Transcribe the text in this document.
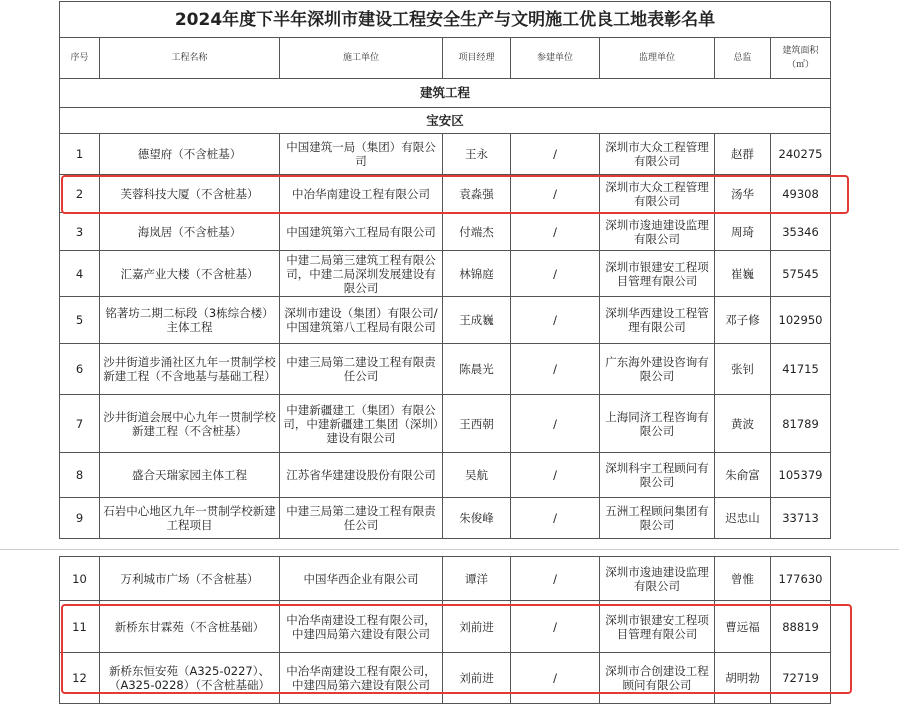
2024年度下半年深圳市建设工程安全生产与文明施工优良工地表彰名单							
序号	工程名称	施工单位	项目经理	参建单位	监理单位	总监	建筑面积（㎡）
建筑工程							
宝安区							
1	德望府（不含桩基）	中国建筑一局（集团）有限公司	王永	/	深圳市大众工程管理有限公司	赵群	240275
2	芙蓉科技大厦（不含桩基）	中冶华南建设工程有限公司	袁淼强	/	深圳市大众工程管理有限公司	汤华	49308
3	海岚居（不含桩基）	中国建筑第六工程局有限公司	付端杰	/	深圳市逡迪建设监理有限公司	周琦	35346
4	汇嘉产业大楼（不含桩基）	中建二局第三建筑工程有限公司，中建二局深圳发展建设有限公司	林锦庭	/	深圳市银建安工程项目管理有限公司	崔巍	57545
5	铭著坊二期二标段（3栋综合楼）主体工程	深圳市建设（集团）有限公司/中国建筑第八工程局有限公司	王成巍	/	深圳华西建设工程管理有限公司	邓子修	102950
6	沙井街道步涌社区九年一贯制学校新建工程（不含地基与基础工程）	中建三局第二建设工程有限责任公司	陈晨光	/	广东海外建设咨询有限公司	张钊	41715
7	沙井街道会展中心九年一贯制学校新建工程（不含桩基）	中建新疆建工（集团）有限公司，中建新疆建工集团（深圳）建设有限公司	王西朝	/	上海同济工程咨询有限公司	黄波	81789
8	盛合天瑞家园主体工程	江苏省华建建设股份有限公司	吴航	/	深圳科宇工程顾问有限公司	朱俞富	105379
9	石岩中心地区九年一贯制学校新建工程项目	中建三局第二建设工程有限责任公司	朱俊峰	/	五洲工程顾问集团有限公司	迟忠山	33713
10	万利城市广场（不含桩基）	中国华西企业有限公司	谭洋	/	深圳市逡迪建设监理有限公司	曾惟	177630
11	新桥东甘霖苑（不含桩基础）	中冶华南建设工程有限公司，中建四局第六建设有限公司	刘前进	/	深圳市银建安工程项目管理有限公司	曹远福	88819
12	新桥东恒安苑（A325-0227）、（A325-0228）（不含桩基础）	中冶华南建设工程有限公司，中建四局第六建设有限公司	刘前进	/	深圳市合创建设工程顾问有限公司	胡明勃	72719
